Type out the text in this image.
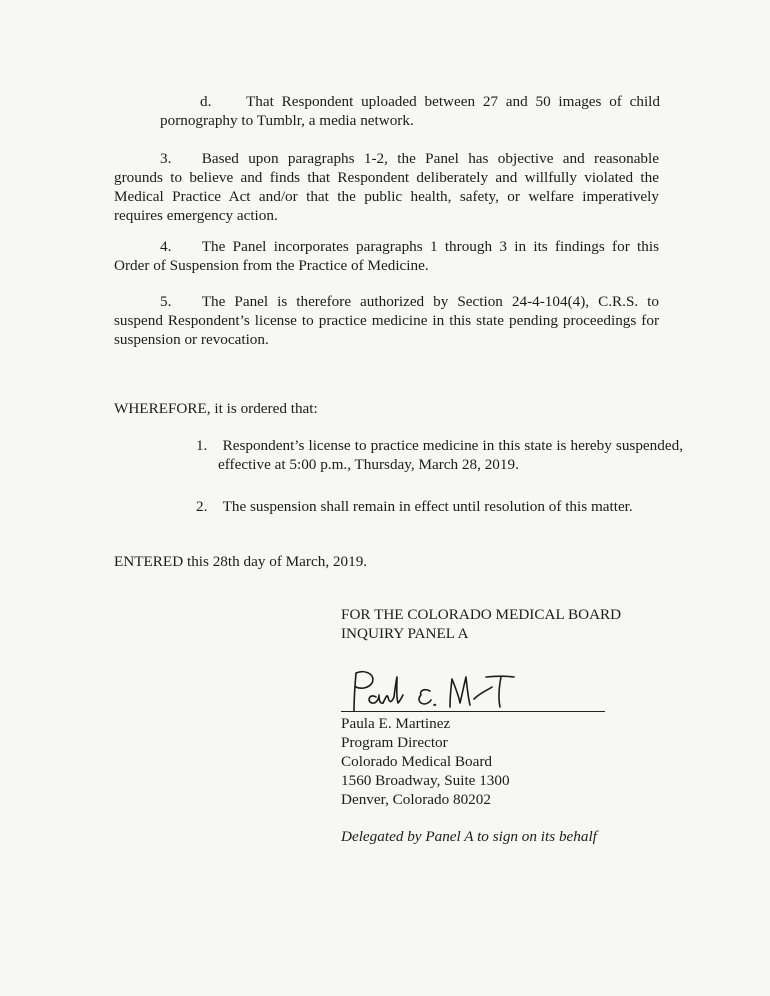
d. That Respondent uploaded between 27 and 50 images of child
pornography to Tumblr, a media network.

3.  Based upon paragraphs 1-2, the Panel has objective and reasonable grounds to believe and finds that Respondent deliberately and willfully violated the Medical Practice Act and/or that the public health, safety, or welfare imperatively requires emergency action.

4.  The Panel incorporates paragraphs 1 through 3 in its findings for this Order of Suspension from the Practice of Medicine.

5.  The Panel is therefore authorized by Section 24-4-104(4), C.R.S. to suspend Respondent’s license to practice medicine in this state pending proceedings for suspension or revocation.

WHEREFORE, it is ordered that:

1. Respondent’s license to practice medicine in this state is hereby suspended, effective at 5:00 p.m., Thursday, March 28, 2019.

2. The suspension shall remain in effect until resolution of this matter.

ENTERED this 28th day of March, 2019.

FOR THE COLORADO MEDICAL BOARD
INQUIRY PANEL A
Paula E. Martinez
Program Director
Colorado Medical Board
1560 Broadway, Suite 1300
Denver, Colorado 80202
Delegated by Panel A to sign on its behalf
